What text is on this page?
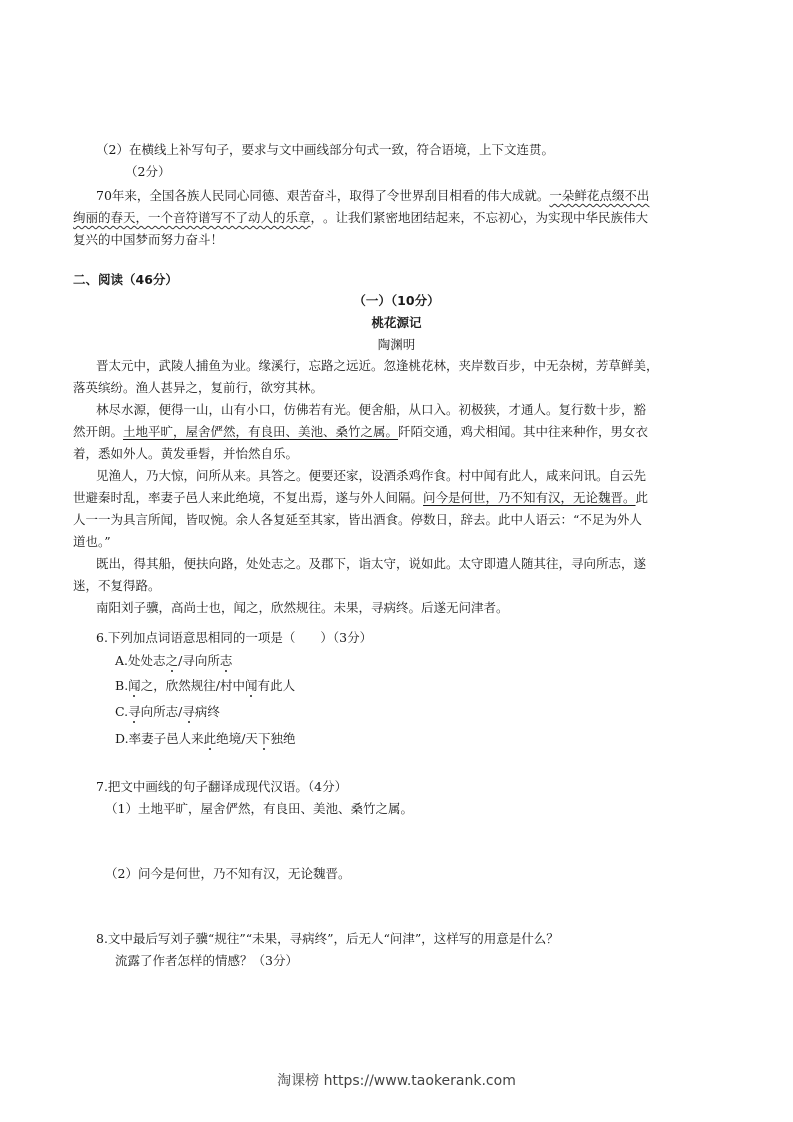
（2）在横线上补写句子，要求与文中画线部分句式一致，符合语境，上下文连贯。
（2分）
70年来，全国各族人民同心同德、艰苦奋斗，取得了令世界刮目相看的伟大成就。一朵鲜花点缀不出
绚丽的春天，一个音符谱写不了动人的乐章，。让我们紧密地团结起来，不忘初心，为实现中华民族伟大
复兴的中国梦而努力奋斗！
二、阅读（46分）
（一）（10分）
桃花源记
陶渊明
晋太元中，武陵人捕鱼为业。缘溪行，忘路之远近。忽逢桃花林，夹岸数百步，中无杂树，芳草鲜美，
落英缤纷。渔人甚异之，复前行，欲穷其林。
林尽水源，便得一山，山有小口，仿佛若有光。便舍船，从口入。初极狭，才通人。复行数十步，豁
然开朗。土地平旷，屋舍俨然，有良田、美池、桑竹之属。阡陌交通，鸡犬相闻。其中往来种作，男女衣
着，悉如外人。黄发垂髫，并怡然自乐。
见渔人，乃大惊，问所从来。具答之。便要还家，设酒杀鸡作食。村中闻有此人，咸来问讯。自云先
世避秦时乱，率妻子邑人来此绝境，不复出焉，遂与外人间隔。问今是何世，乃不知有汉，无论魏晋。此
人一一为具言所闻，皆叹惋。余人各复延至其家，皆出酒食。停数日，辞去。此中人语云：“不足为外人
道也。”
既出，得其船，便扶向路，处处志之。及郡下，诣太守，说如此。太守即遣人随其往，寻向所志，遂
迷，不复得路。
南阳刘子骥，高尚士也，闻之，欣然规往。未果，寻病终。后遂无问津者。
6.下列加点词语意思相同的一项是（　　）（3分）
A.处处志之/寻向所志
B.闻之，欣然规往/村中闻有此人
C.寻向所志/寻病终
D.率妻子邑人来此绝境/天下独绝
7.把文中画线的句子翻译成现代汉语。（4分）
（1）土地平旷，屋舍俨然，有良田、美池、桑竹之属。
（2）问今是何世，乃不知有汉，无论魏晋。
8.文中最后写刘子骥“规往”“未果，寻病终”，后无人“问津”，这样写的用意是什么？
流露了作者怎样的情感？（3分）
淘课榜 https://www.taokerank.com
